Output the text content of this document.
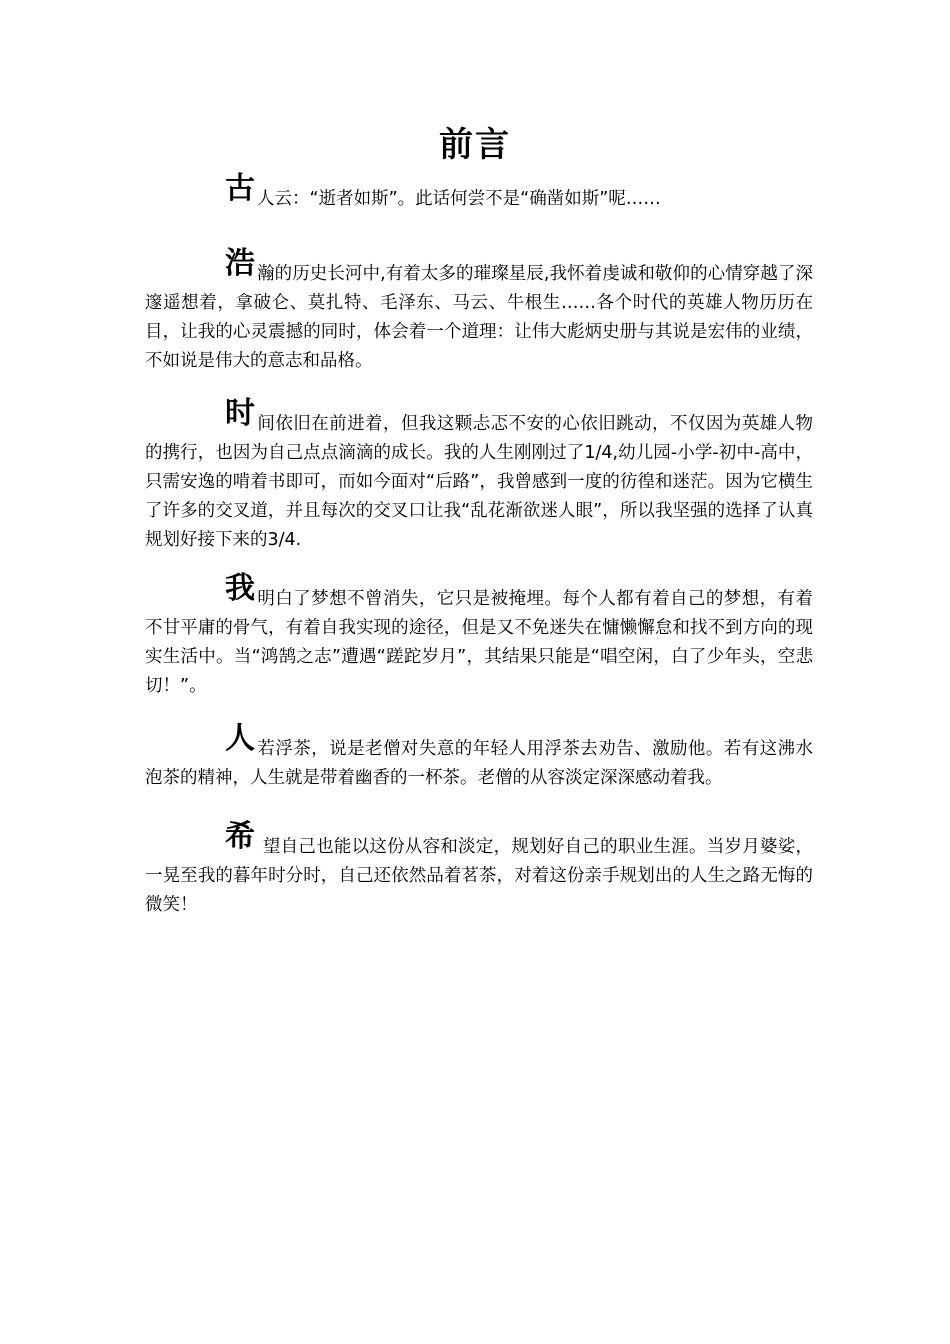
前言

古人云：“逝者如斯”。此话何尝不是“确凿如斯”呢……

浩瀚的历史长河中,有着太多的璀璨星辰,我怀着虔诚和敬仰的心情穿越了深邃遥想着，拿破仑、莫扎特、毛泽东、马云、牛根生……各个时代的英雄人物历历在目，让我的心灵震撼的同时，体会着一个道理：让伟大彪炳史册与其说是宏伟的业绩，不如说是伟大的意志和品格。

时间依旧在前进着，但我这颗忐忑不安的心依旧跳动，不仅因为英雄人物的携行，也因为自己点点滴滴的成长。我的人生刚刚过了1/4,幼儿园-小学-初中-高中，只需安逸的啃着书即可，而如今面对“后路”，我曾感到一度的彷徨和迷茫。因为它横生了许多的交叉道，并且每次的交叉口让我“乱花渐欲迷人眼”，所以我坚强的选择了认真规划好接下来的3/4.

我明白了梦想不曾消失，它只是被掩埋。每个人都有着自己的梦想，有着不甘平庸的骨气，有着自我实现的途径，但是又不免迷失在慵懒懈怠和找不到方向的现实生活中。当“鸿鹄之志”遭遇“蹉跎岁月”，其结果只能是“唱空闲，白了少年头，空悲切！”。

人若浮茶，说是老僧对失意的年轻人用浮茶去劝告、激励他。若有这沸水泡茶的精神，人生就是带着幽香的一杯茶。老僧的从容淡定深深感动着我。

希 望自己也能以这份从容和淡定，规划好自己的职业生涯。当岁月婆娑，一晃至我的暮年时分时，自己还依然品着茗茶，对着这份亲手规划出的人生之路无悔的微笑！
